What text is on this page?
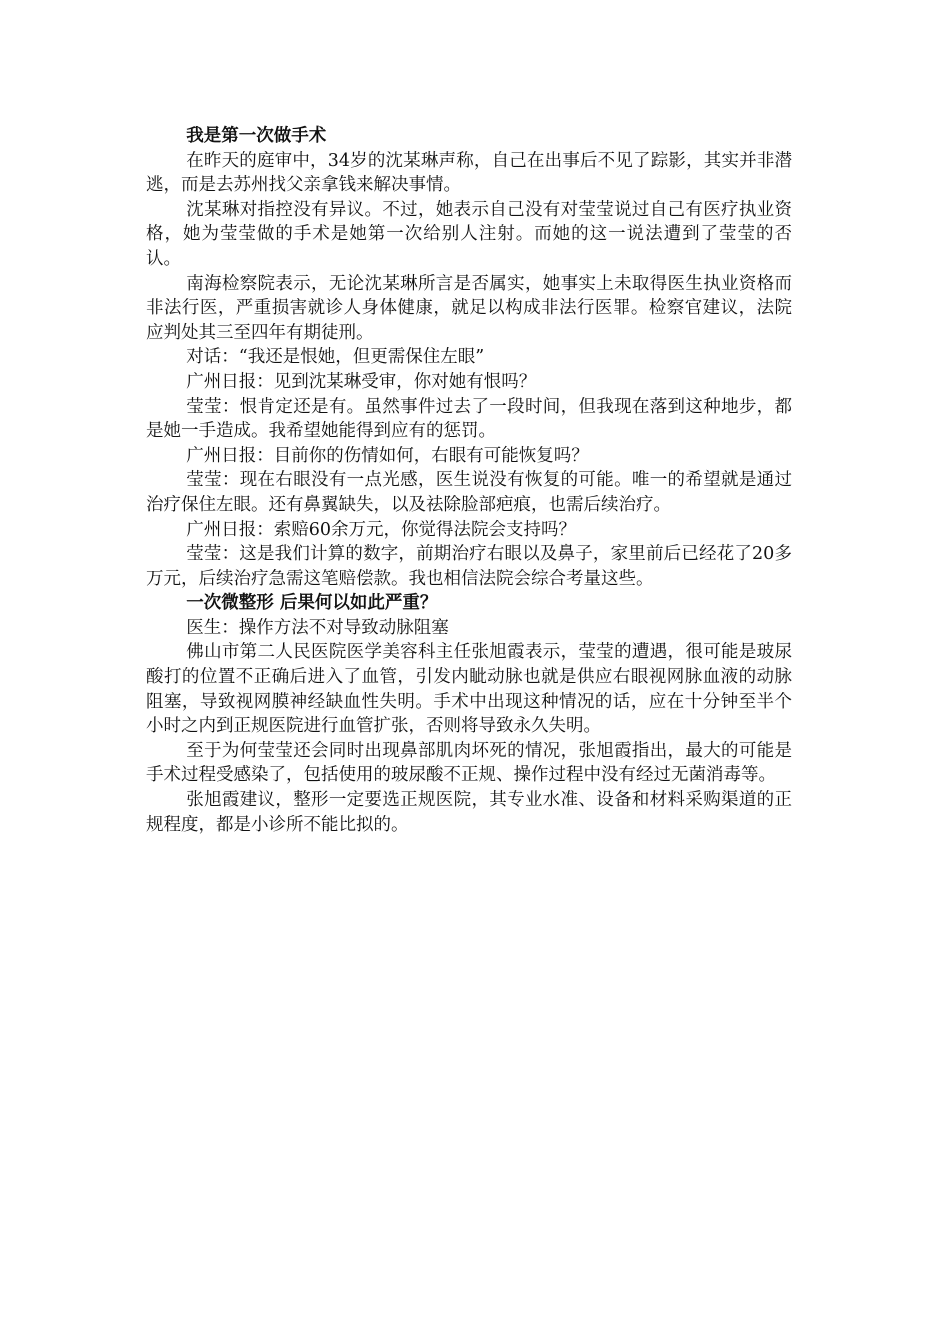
我是第一次做手术

在昨天的庭审中，34岁的沈某琳声称，自己在出事后不见了踪影，其实并非潜逃，而是去苏州找父亲拿钱来解决事情。

沈某琳对指控没有异议。不过，她表示自己没有对莹莹说过自己有医疗执业资格，她为莹莹做的手术是她第一次给别人注射。而她的这一说法遭到了莹莹的否认。

南海检察院表示，无论沈某琳所言是否属实，她事实上未取得医生执业资格而非法行医，严重损害就诊人身体健康，就足以构成非法行医罪。检察官建议，法院应判处其三至四年有期徒刑。

对话：“我还是恨她，但更需保住左眼”

广州日报：见到沈某琳受审，你对她有恨吗？

莹莹：恨肯定还是有。虽然事件过去了一段时间，但我现在落到这种地步，都是她一手造成。我希望她能得到应有的惩罚。

广州日报：目前你的伤情如何，右眼有可能恢复吗？

莹莹：现在右眼没有一点光感，医生说没有恢复的可能。唯一的希望就是通过治疗保住左眼。还有鼻翼缺失，以及祛除脸部疤痕，也需后续治疗。

广州日报：索赔60余万元，你觉得法院会支持吗？

莹莹：这是我们计算的数字，前期治疗右眼以及鼻子，家里前后已经花了20多万元，后续治疗急需这笔赔偿款。我也相信法院会综合考量这些。

一次微整形 后果何以如此严重？

医生：操作方法不对导致动脉阻塞

佛山市第二人民医院医学美容科主任张旭霞表示，莹莹的遭遇，很可能是玻尿酸打的位置不正确后进入了血管，引发内眦动脉也就是供应右眼视网脉血液的动脉阻塞，导致视网膜神经缺血性失明。手术中出现这种情况的话，应在十分钟至半个小时之内到正规医院进行血管扩张，否则将导致永久失明。

至于为何莹莹还会同时出现鼻部肌肉坏死的情况，张旭霞指出，最大的可能是手术过程受感染了，包括使用的玻尿酸不正规、操作过程中没有经过无菌消毒等。

张旭霞建议，整形一定要选正规医院，其专业水准、设备和材料采购渠道的正规程度，都是小诊所不能比拟的。
